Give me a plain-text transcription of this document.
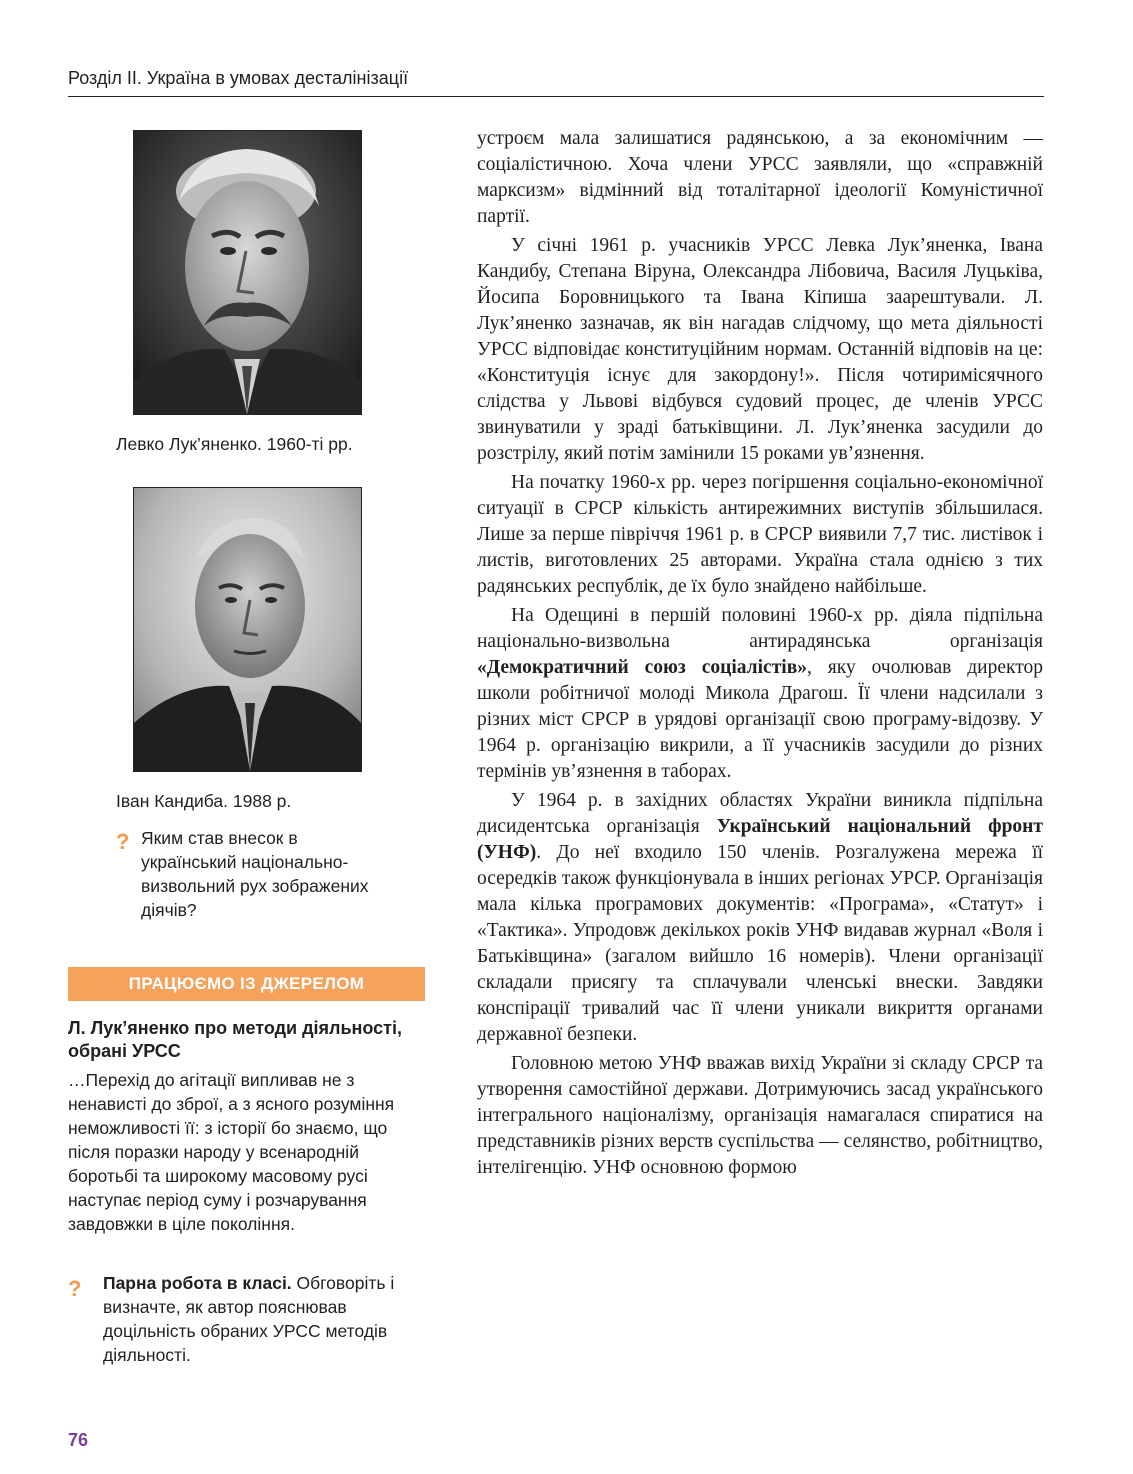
Розділ ІІ. Україна в умовах десталінізації
Левко Лук’яненко. 1960-ті рр.
Іван Кандиба. 1988 р.
? Яким став внесок в український національно-визвольний рух зображених діячів?
ПРАЦЮЄМО ІЗ ДЖЕРЕЛОМ
Л. Лук’яненко про методи діяльності, обрані УРСС
…Перехід до агітації випливав не з ненависті до зброї, а з ясного розуміння неможливості її: з історії бо знаємо, що після поразки народу у всенародній боротьбі та широкому масовому русі наступає період суму і розчарування завдовжки в ціле покоління.
? Парна робота в класі. Обговоріть і визначте, як автор пояснював доцільність обраних УРСС методів діяльності.
76

устроєм мала залишатися радянською, а за економічним — соціалістичною. Хоча члени УРСС заявляли, що «справжній марксизм» відмінний від тоталітарної ідеології Комуністичної партії.

У січні 1961 р. учасників УРСС Левка Лук’яненка, Івана Кандибу, Степана Віруна, Олександра Лібовича, Василя Луцьківа, Йосипа Боровницького та Івана Кіпиша заарештували. Л. Лук’яненко зазначав, як він нагадав слідчому, що мета діяльності УРСС відповідає конституційним нормам. Останній відповів на це: «Конституція існує для закордону!». Після чотиримісячного слідства у Львові відбувся судовий процес, де членів УРСС звинуватили у зраді батьківщини. Л. Лук’яненка засудили до розстрілу, який потім замінили 15 роками ув’язнення.

На початку 1960-х рр. через погіршення соціально-економічної ситуації в СРСР кількість антирежимних виступів збільшилася. Лише за перше півріччя 1961 р. в СРСР виявили 7,7 тис. листівок і листів, виготовлених 25 авторами. Україна стала однією з тих радянських республік, де їх було знайдено найбільше.

На Одещині в першій половині 1960-х рр. діяла підпільна національно-визвольна антирадянська організація «Демократичний союз соціалістів», яку очолював директор школи робітничої молоді Микола Драгош. Її члени надсилали з різних міст СРСР в урядові організації свою програму-відозву. У 1964 р. організацію викрили, а її учасників засудили до різних термінів ув’язнення в таборах.

У 1964 р. в західних областях України виникла підпільна дисидентська організація Український національний фронт (УНФ). До неї входило 150 членів. Розгалужена мережа її осередків також функціонувала в інших регіонах УРСР. Організація мала кілька програмових документів: «Програма», «Статут» і «Тактика». Упродовж декількох років УНФ видавав журнал «Воля і Батьківщина» (загалом вийшло 16 номерів). Члени організації складали присягу та сплачували членські внески. Завдяки конспірації тривалий час її члени уникали викриття органами державної безпеки.

Головною метою УНФ вважав вихід України зі складу СРСР та утворення самостійної держави. Дотримуючись засад українського інтегрального націоналізму, організація намагалася спиратися на представників різних верств суспільства — селянство, робітництво, інтелігенцію. УНФ основною формою
